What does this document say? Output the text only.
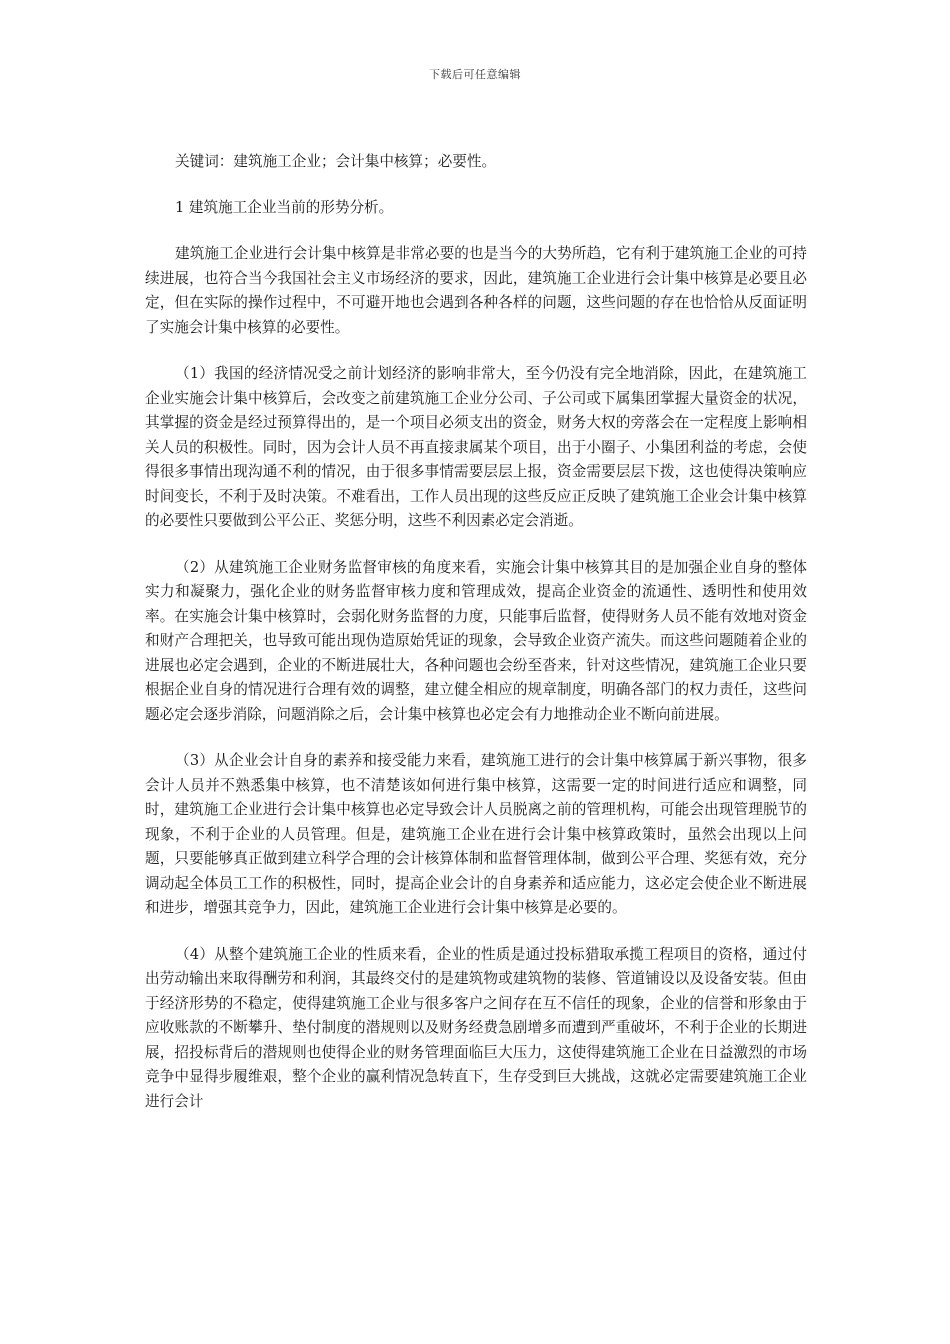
下载后可任意编辑

关键词：建筑施工企业；会计集中核算；必要性。

1 建筑施工企业当前的形势分析。

建筑施工企业进行会计集中核算是非常必要的也是当今的大势所趋，它有利于建筑施工企业的可持续进展，也符合当今我国社会主义市场经济的要求，因此，建筑施工企业进行会计集中核算是必要且必定，但在实际的操作过程中，不可避开地也会遇到各种各样的问题，这些问题的存在也恰恰从反面证明了实施会计集中核算的必要性。

（1）我国的经济情况受之前计划经济的影响非常大，至今仍没有完全地消除，因此，在建筑施工企业实施会计集中核算后，会改变之前建筑施工企业分公司、子公司或下属集团掌握大量资金的状况，其掌握的资金是经过预算得出的，是一个项目必须支出的资金，财务大权的旁落会在一定程度上影响相关人员的积极性。同时，因为会计人员不再直接隶属某个项目，出于小圈子、小集团利益的考虑，会使得很多事情出现沟通不利的情况，由于很多事情需要层层上报，资金需要层层下拨，这也使得决策响应时间变长，不利于及时决策。不难看出，工作人员出现的这些反应正反映了建筑施工企业会计集中核算的必要性只要做到公平公正、奖惩分明，这些不利因素必定会消逝。

（2）从建筑施工企业财务监督审核的角度来看，实施会计集中核算其目的是加强企业自身的整体实力和凝聚力，强化企业的财务监督审核力度和管理成效，提高企业资金的流通性、透明性和使用效率。在实施会计集中核算时，会弱化财务监督的力度，只能事后监督，使得财务人员不能有效地对资金和财产合理把关，也导致可能出现伪造原始凭证的现象，会导致企业资产流失。而这些问题随着企业的进展也必定会遇到，企业的不断进展壮大，各种问题也会纷至沓来，针对这些情况，建筑施工企业只要根据企业自身的情况进行合理有效的调整，建立健全相应的规章制度，明确各部门的权力责任，这些问题必定会逐步消除，问题消除之后，会计集中核算也必定会有力地推动企业不断向前进展。

（3）从企业会计自身的素养和接受能力来看，建筑施工进行的会计集中核算属于新兴事物，很多会计人员并不熟悉集中核算，也不清楚该如何进行集中核算，这需要一定的时间进行适应和调整，同时，建筑施工企业进行会计集中核算也必定导致会计人员脱离之前的管理机构，可能会出现管理脱节的现象，不利于企业的人员管理。但是，建筑施工企业在进行会计集中核算政策时，虽然会出现以上问题，只要能够真正做到建立科学合理的会计核算体制和监督管理体制，做到公平合理、奖惩有效，充分调动起全体员工工作的积极性，同时，提高企业会计的自身素养和适应能力，这必定会使企业不断进展和进步，增强其竞争力，因此，建筑施工企业进行会计集中核算是必要的。

（4）从整个建筑施工企业的性质来看，企业的性质是通过投标猎取承揽工程项目的资格，通过付出劳动输出来取得酬劳和利润，其最终交付的是建筑物或建筑物的装修、管道铺设以及设备安装。但由于经济形势的不稳定，使得建筑施工企业与很多客户之间存在互不信任的现象，企业的信誉和形象由于应收账款的不断攀升、垫付制度的潜规则以及财务经费急剧增多而遭到严重破坏，不利于企业的长期进展，招投标背后的潜规则也使得企业的财务管理面临巨大压力，这使得建筑施工企业在日益激烈的市场竞争中显得步履维艰，整个企业的赢利情况急转直下，生存受到巨大挑战，这就必定需要建筑施工企业进行会计
